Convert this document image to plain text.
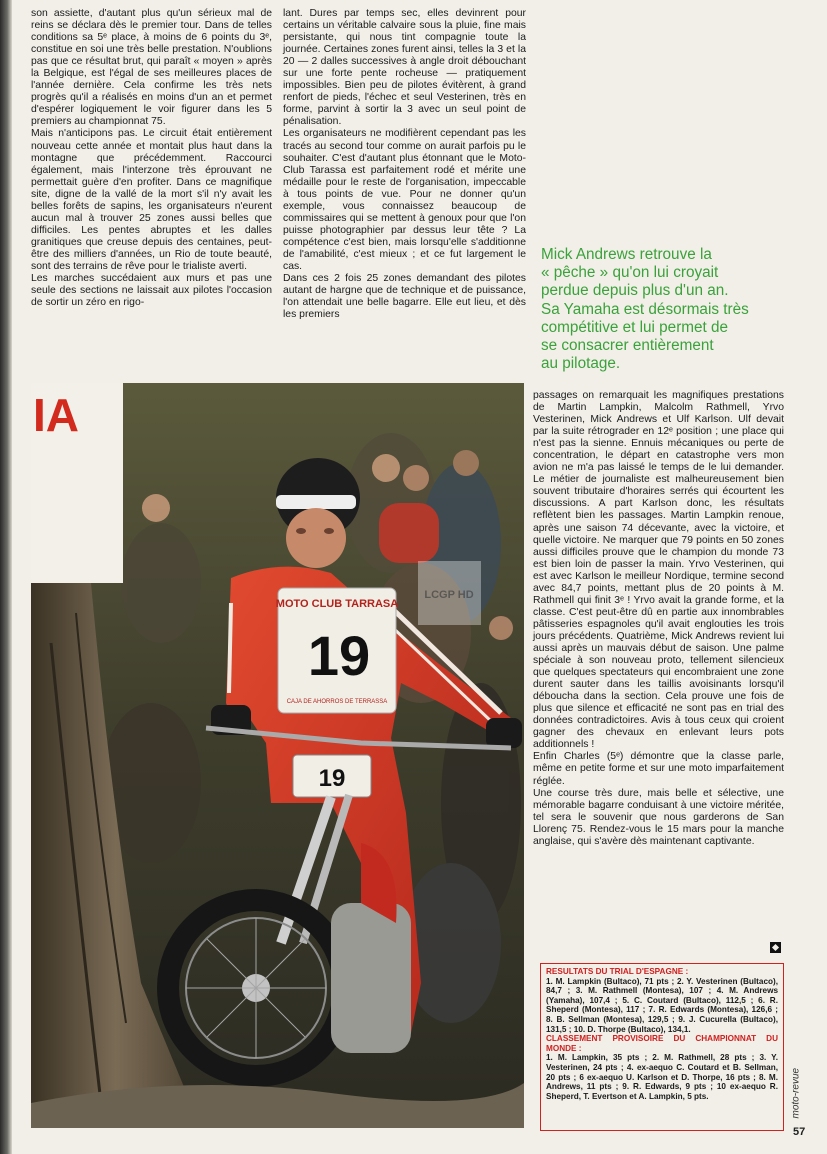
son assiette, d'autant plus qu'un sérieux mal de reins se déclara dès le premier tour. Dans de telles conditions sa 5ᵉ place, à moins de 6 points du 3ᵉ, constitue en soi une très belle prestation. N'oublions pas que ce résultat brut, qui paraît « moyen » après la Belgique, est l'égal de ses meilleures places de l'année dernière. Cela confirme les très nets progrès qu'il a réalisés en moins d'un an et permet d'espérer logiquement le voir figurer dans les 5 premiers au championnat 75.

Mais n'anticipons pas. Le circuit était entièrement nouveau cette année et montait plus haut dans la montagne que précédemment. Raccourci également, mais l'interzone très éprouvant ne permettait guère d'en profiter. Dans ce magnifique site, digne de la vallé de la mort s'il n'y avait les belles forêts de sapins, les organisateurs n'eurent aucun mal à trouver 25 zones aussi belles que difficiles. Les pentes abruptes et les dalles granitiques que creuse depuis des centaines, peut-être des milliers d'années, un Rio de toute beauté, sont des terrains de rêve pour le trialiste averti.

Les marches succédaient aux murs et pas une seule des sections ne laissait aux pilotes l'occasion de sortir un zéro en rigo-

lant. Dures par temps sec, elles devinrent pour certains un véritable calvaire sous la pluie, fine mais persistante, qui nous tint compagnie toute la journée. Certaines zones furent ainsi, telles la 3 et la 20 — 2 dalles successives à angle droit débouchant sur une forte pente rocheuse — pratiquement impossibles. Bien peu de pilotes évitèrent, à grand renfort de pieds, l'échec et seul Vesterinen, très en forme, parvint à sortir la 3 avec un seul point de pénalisation.

Les organisateurs ne modifièrent cependant pas les tracés au second tour comme on aurait parfois pu le souhaiter. C'est d'autant plus étonnant que le Moto-Club Tarassa est parfaitement rodé et mérite une médaille pour le reste de l'organisation, impeccable à tous points de vue. Pour ne donner qu'un exemple, vous connaissez beaucoup de commissaires qui se mettent à genoux pour que l'on puisse photographier par dessus leur tête ? La compétence c'est bien, mais lorsqu'elle s'additionne de l'amabilité, c'est mieux ; et ce fut largement le cas.

Dans ces 2 fois 25 zones demandant des pilotes autant de hargne que de technique et de puissance, l'on attendait une belle bagarre. Elle eut lieu, et dès les premiers

Mick Andrews retrouve la

« pêche » qu'on lui croyait

perdue depuis plus d'un an.

Sa Yamaha est désormais très

compétitive et lui permet de

se consacrer entièrement

au pilotage.

IA
MOTO CLUB TARRASA
19
CAJA DE AHORROS DE TERRASSA
19
LCGP HD

passages on remarquait les magnifiques prestations de Martin Lampkin, Malcolm Rathmell, Yrvo Vesterinen, Mick Andrews et Ulf Karlson. Ulf devait par la suite rétrograder en 12ᵉ position ; une place qui n'est pas la sienne. Ennuis mécaniques ou perte de concentration, le départ en catastrophe vers mon avion ne m'a pas laissé le temps de le lui demander. Le métier de journaliste est malheureusement bien souvent tributaire d'horaires serrés qui écourtent les discussions. A part Karlson donc, les résultats reflètent bien les passages. Martin Lampkin renoue, après une saison 74 décevante, avec la victoire, et quelle victoire. Ne marquer que 79 points en 50 zones aussi difficiles prouve que le champion du monde 73 est bien loin de passer la main. Yrvo Vesterinen, qui est avec Karlson le meilleur Nordique, termine second avec 84,7 points, mettant plus de 20 points à M. Rathmell qui finit 3ᵉ ! Yrvo avait la grande forme, et la classe. C'est peut-être dû en partie aux innombrables pâtisseries espagnoles qu'il avait englouties les trois jours précédents. Quatrième, Mick Andrews revient lui aussi après un mauvais début de saison. Une palme spéciale à son nouveau proto, tellement silencieux que quelques spectateurs qui encombraient une zone durent sauter dans les taillis avoisinants lorsqu'il déboucha dans la section. Cela prouve une fois de plus que silence et efficacité ne sont pas en trial des données contradictoires. Avis à tous ceux qui croient gagner des chevaux en enlevant leurs pots additionnels !

Enfin Charles (5ᵉ) démontre que la classe parle, même en petite forme et sur une moto imparfaitement réglée.

Une course très dure, mais belle et sélective, une mémorable bagarre conduisant à une victoire méritée, tel sera le souvenir que nous garderons de San Llorenç 75. Rendez-vous le 15 mars pour la manche anglaise, qui s'avère dès maintenant captivante.

RESULTATS DU TRIAL D'ESPAGNE :

1. M. Lampkin (Bultaco), 71 pts ; 2. Y. Vesterinen (Bultaco), 84,7 ; 3. M. Rathmell (Montesa), 107 ; 4. M. Andrews (Yamaha), 107,4 ; 5. C. Coutard (Bultaco), 112,5 ; 6. R. Sheperd (Montesa), 117 ; 7. R. Edwards (Montesa), 126,6 ; 8. B. Sellman (Montesa), 129,5 ; 9. J. Cucurella (Bultaco), 131,5 ; 10. D. Thorpe (Bultaco), 134,1.

CLASSEMENT PROVISOIRE DU CHAMPIONNAT DU MONDE :

1. M. Lampkin, 35 pts ; 2. M. Rathmell, 28 pts ; 3. Y. Vesterinen, 24 pts ; 4. ex-aequo C. Coutard et B. Sellman, 20 pts ; 6 ex-aequo U. Karlson et D. Thorpe, 16 pts ; 8. M. Andrews, 11 pts ; 9. R. Edwards, 9 pts ; 10 ex-aequo R. Sheperd, T. Evertson et A. Lampkin, 5 pts.	moto-revue
57
